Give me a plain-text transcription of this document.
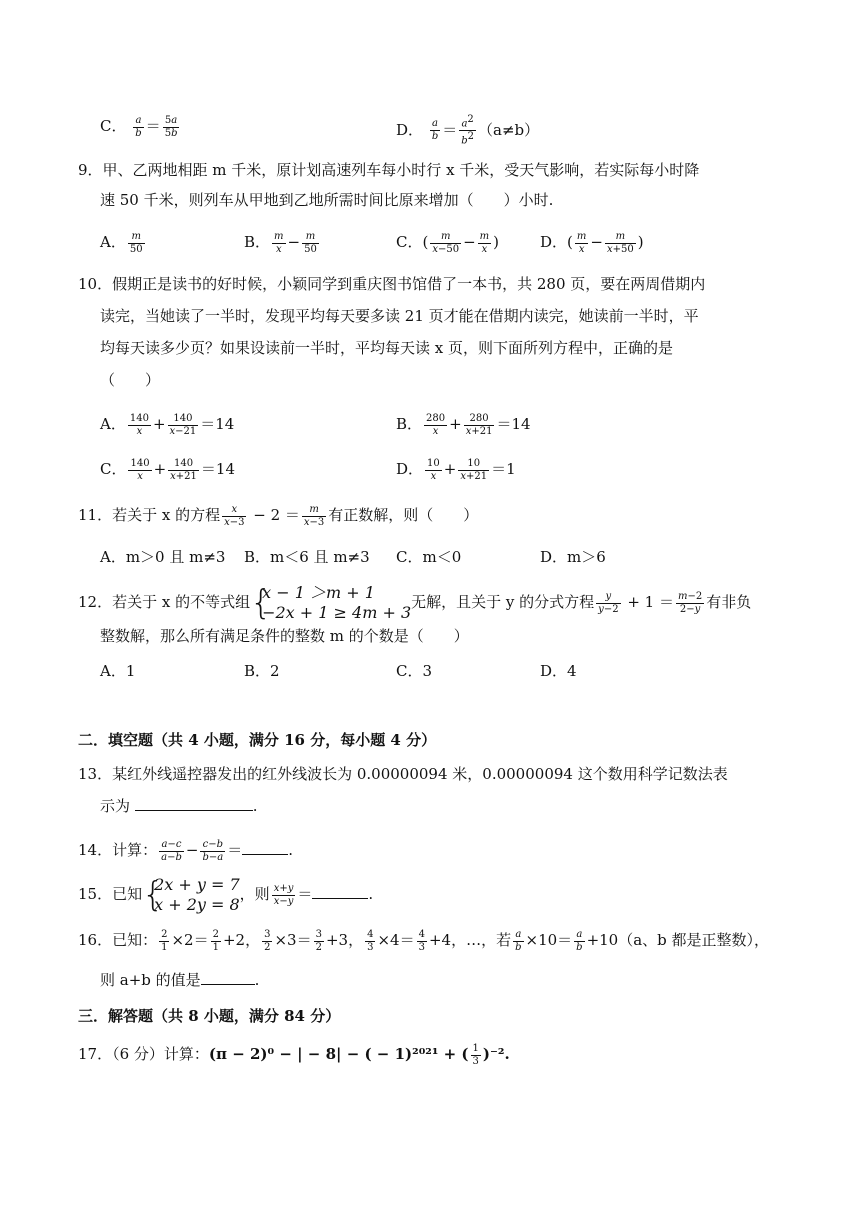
C． $\frac{a}{b} = \frac{5a}{5b}$	D． $\frac{a}{b} = \frac{a^2}{b^2} (a\ne b)$
9．甲、乙两地相距 m 千米，原计划高速列车每小时行 x 千米，受天气影响，若实际每小时降
速 50 千米，则列车从甲地到乙地所需时间比原来增加（　　）小时.
A． $\frac{m}{50}$	B． $\frac{m}{x} - \frac{m}{50}$	C．( $\frac{m}{x-50} - \frac{m}{x}$ )	D．( $\frac{m}{x} - \frac{m}{x+50}$ )
10．假期正是读书的好时候，小颖同学到重庆图书馆借了一本书，共 280 页，要在两周借期内
读完，当她读了一半时，发现平均每天要多读 21 页才能在借期内读完，她读前一半时，平
均每天读多少页？如果设读前一半时，平均每天读 x 页，则下面所列方程中，正确的是
（　　）
A． $\frac{140}{x} + \frac{140}{x-21} =14$	B． $\frac{280}{x} + \frac{280}{x+21} =14$
C． $\frac{140}{x} + \frac{140}{x+21} =14$	D． $\frac{10}{x} + \frac{10}{x+21} =1$
11．若关于 x 的方程 $\frac{x}{x-3} - 2 = \frac{m}{x-3}$ 有正数解，则（　　）
A．m＞0 且 m≠3 B．m＜6 且 m≠3 C．m＜0	D．m＞6
12．若关于 x 的不等式组 {
x − 1 ＞m + 1
−2x + 1 ≥ 4m + 3
无解，且关于 y 的分式方程 $\frac{y}{y-2} + 1 = \frac{m-2}{2-y}$ 有非负
整数解，那么所有满足条件的整数 m 的个数是（　　）
A．1	B．2	C．3	D．4
二．填空题（共 4 小题，满分 16 分，每小题 4 分）
13．某红外线遥控器发出的红外线波长为 0.00000094 米，0.00000094 这个数用科学记数法表
示为	.
14．计算： $\frac{a-c}{a-b} - \frac{c-b}{b-a}$ ＝	.
15．已知 {
2x + y = 7
x + 2y = 8
，则 $\frac{x+y}{x-y}$ ＝	.
16．已知： $\frac{2}{1} \times 2= \frac{2}{1} +2$， $\frac{3}{2} \times 3= \frac{3}{2} +3$， $\frac{4}{3} \times 4= \frac{4}{3} +4$，…，若 $\frac{a}{b} \times 10= \frac{a}{b} +10(a$、b 都是正整数），
则 a+b 的值是	.
三．解答题（共 8 小题，满分 84 分）
17．（6 分）计算：(π − 2)⁰ − | − 8| − ( − 1)²⁰²¹ + ( $\frac{1}{3} )^{-2}$.
